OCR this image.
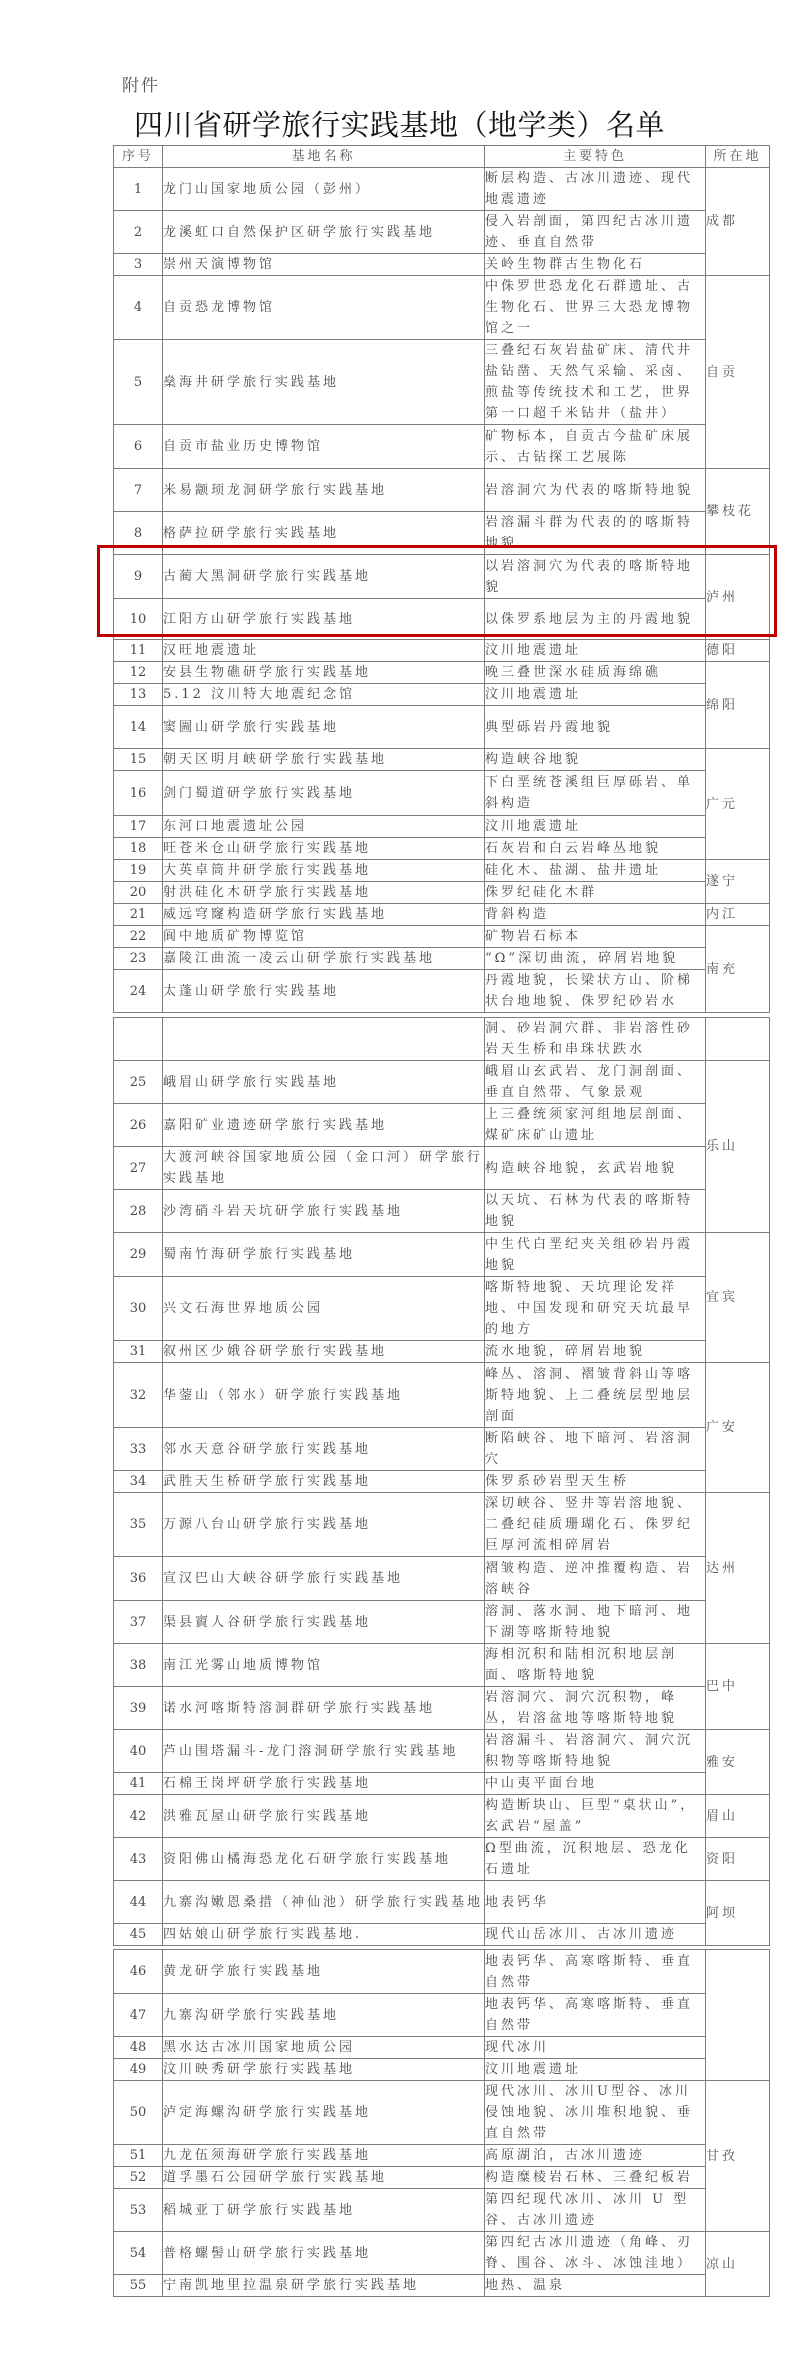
附件
四川省研学旅行实践基地（地学类）名单
序号	基地名称	主要特色	所在地
1	龙门山国家地质公园（彭州）	断层构造、古冰川遗迹、现代地震遗迹	成都
2	龙溪虹口自然保护区研学旅行实践基地	侵入岩剖面，第四纪古冰川遗迹、垂直自然带	
3	崇州天演博物馆	关岭生物群古生物化石	
4	自贡恐龙博物馆	中侏罗世恐龙化石群遗址、古生物化石、世界三大恐龙博物馆之一	自贡
5	燊海井研学旅行实践基地	三叠纪石灰岩盐矿床、清代井盐钻凿、天然气采输、采卤、煎盐等传统技术和工艺，世界第一口超千米钻井（盐井）	
6	自贡市盐业历史博物馆	矿物标本，自贡古今盐矿床展示、古钻探工艺展陈	
7	米易颛顼龙洞研学旅行实践基地	岩溶洞穴为代表的喀斯特地貌	攀枝花
8	格萨拉研学旅行实践基地	岩溶漏斗群为代表的的喀斯特地貌	
9	古蔺大黑洞研学旅行实践基地	以岩溶洞穴为代表的喀斯特地貌	泸州
10	江阳方山研学旅行实践基地	以侏罗系地层为主的丹霞地貌	
11	汉旺地震遗址	汶川地震遗址	德阳
12	安县生物礁研学旅行实践基地	晚三叠世深水硅质海绵礁	绵阳
13	5.12 汶川特大地震纪念馆	汶川地震遗址	
14	窦圌山研学旅行实践基地	典型砾岩丹霞地貌	
15	朝天区明月峡研学旅行实践基地	构造峡谷地貌	广元
16	剑门蜀道研学旅行实践基地	下白垩统苍溪组巨厚砾岩、单斜构造	
17	东河口地震遗址公园	汶川地震遗址	
18	旺苍米仓山研学旅行实践基地	石灰岩和白云岩峰丛地貌	
19	大英卓筒井研学旅行实践基地	硅化木、盐湖、盐井遗址	遂宁
20	射洪硅化木研学旅行实践基地	侏罗纪硅化木群	
21	威远穹窿构造研学旅行实践基地	背斜构造	内江
22	阆中地质矿物博览馆	矿物岩石标本	南充
23	嘉陵江曲流一凌云山研学旅行实践基地	“Ω”深切曲流，碎屑岩地貌	
24	太蓬山研学旅行实践基地	丹霞地貌，长梁状方山、阶梯状台地地貌、侏罗纪砂岩水	
		洞、砂岩洞穴群、非岩溶性砂岩天生桥和串珠状跌水	
25	峨眉山研学旅行实践基地	峨眉山玄武岩、龙门洞剖面、垂直自然带、气象景观	乐山
26	嘉阳矿业遗迹研学旅行实践基地	上三叠统须家河组地层剖面、煤矿床矿山遗址	
27	大渡河峡谷国家地质公园（金口河）研学旅行实践基地	构造峡谷地貌，玄武岩地貌	
28	沙湾硝斗岩天坑研学旅行实践基地	以天坑、石林为代表的喀斯特地貌	
29	蜀南竹海研学旅行实践基地	中生代白垩纪夹关组砂岩丹霞地貌	宜宾
30	兴文石海世界地质公园	喀斯特地貌、天坑理论发祥地、中国发现和研究天坑最早的地方	
31	叙州区少娥谷研学旅行实践基地	流水地貌，碎屑岩地貌	
32	华蓥山（邻水）研学旅行实践基地	峰丛、溶洞、褶皱背斜山等喀斯特地貌、上二叠统层型地层剖面	广安
33	邻水天意谷研学旅行实践基地	断陷峡谷、地下暗河、岩溶洞穴	
34	武胜天生桥研学旅行实践基地	侏罗系砂岩型天生桥	
35	万源八台山研学旅行实践基地	深切峡谷、竖井等岩溶地貌、二叠纪硅质珊瑚化石、侏罗纪巨厚河流相碎屑岩	达州
36	宣汉巴山大峡谷研学旅行实践基地	褶皱构造、逆冲推覆构造、岩溶峡谷	
37	渠县賨人谷研学旅行实践基地	溶洞、落水洞、地下暗河、地下湖等喀斯特地貌	
38	南江光雾山地质博物馆	海相沉积和陆相沉积地层剖面、喀斯特地貌	巴中
39	诺水河喀斯特溶洞群研学旅行实践基地	岩溶洞穴、洞穴沉积物，峰丛，岩溶盆地等喀斯特地貌	
40	芦山围塔漏斗-龙门溶洞研学旅行实践基地	岩溶漏斗、岩溶洞穴、洞穴沉积物等喀斯特地貌	雅安
41	石棉王岗坪研学旅行实践基地	中山夷平面台地	
42	洪雅瓦屋山研学旅行实践基地	构造断块山、巨型“桌状山”，玄武岩“屋盖”	眉山
43	资阳佛山橘海恐龙化石研学旅行实践基地	Ω型曲流，沉积地层、恐龙化石遗址	资阳
44	九寨沟嫩恩桑措（神仙池）研学旅行实践基地	地表钙华	阿坝
45	四姑娘山研学旅行实践基地.	现代山岳冰川、古冰川遗迹	
46	黄龙研学旅行实践基地	地表钙华、高寒喀斯特、垂直自然带	
47	九寨沟研学旅行实践基地	地表钙华、高寒喀斯特、垂直自然带	
48	黑水达古冰川国家地质公园	现代冰川	
49	汶川映秀研学旅行实践基地	汶川地震遗址	
50	泸定海螺沟研学旅行实践基地	现代冰川、冰川U型谷、冰川侵蚀地貌、冰川堆积地貌、垂直自然带	甘孜
51	九龙伍须海研学旅行实践基地	高原湖泊，古冰川遗迹	
52	道孚墨石公园研学旅行实践基地	构造糜棱岩石林、三叠纪板岩	
53	稻城亚丁研学旅行实践基地	第四纪现代冰川、冰川 U 型谷、古冰川遗迹	
54	普格螺髻山研学旅行实践基地	第四纪古冰川遗迹（角峰、刃脊、围谷、冰斗、冰蚀洼地）	凉山
55	宁南凯地里拉温泉研学旅行实践基地	地热、温泉	
